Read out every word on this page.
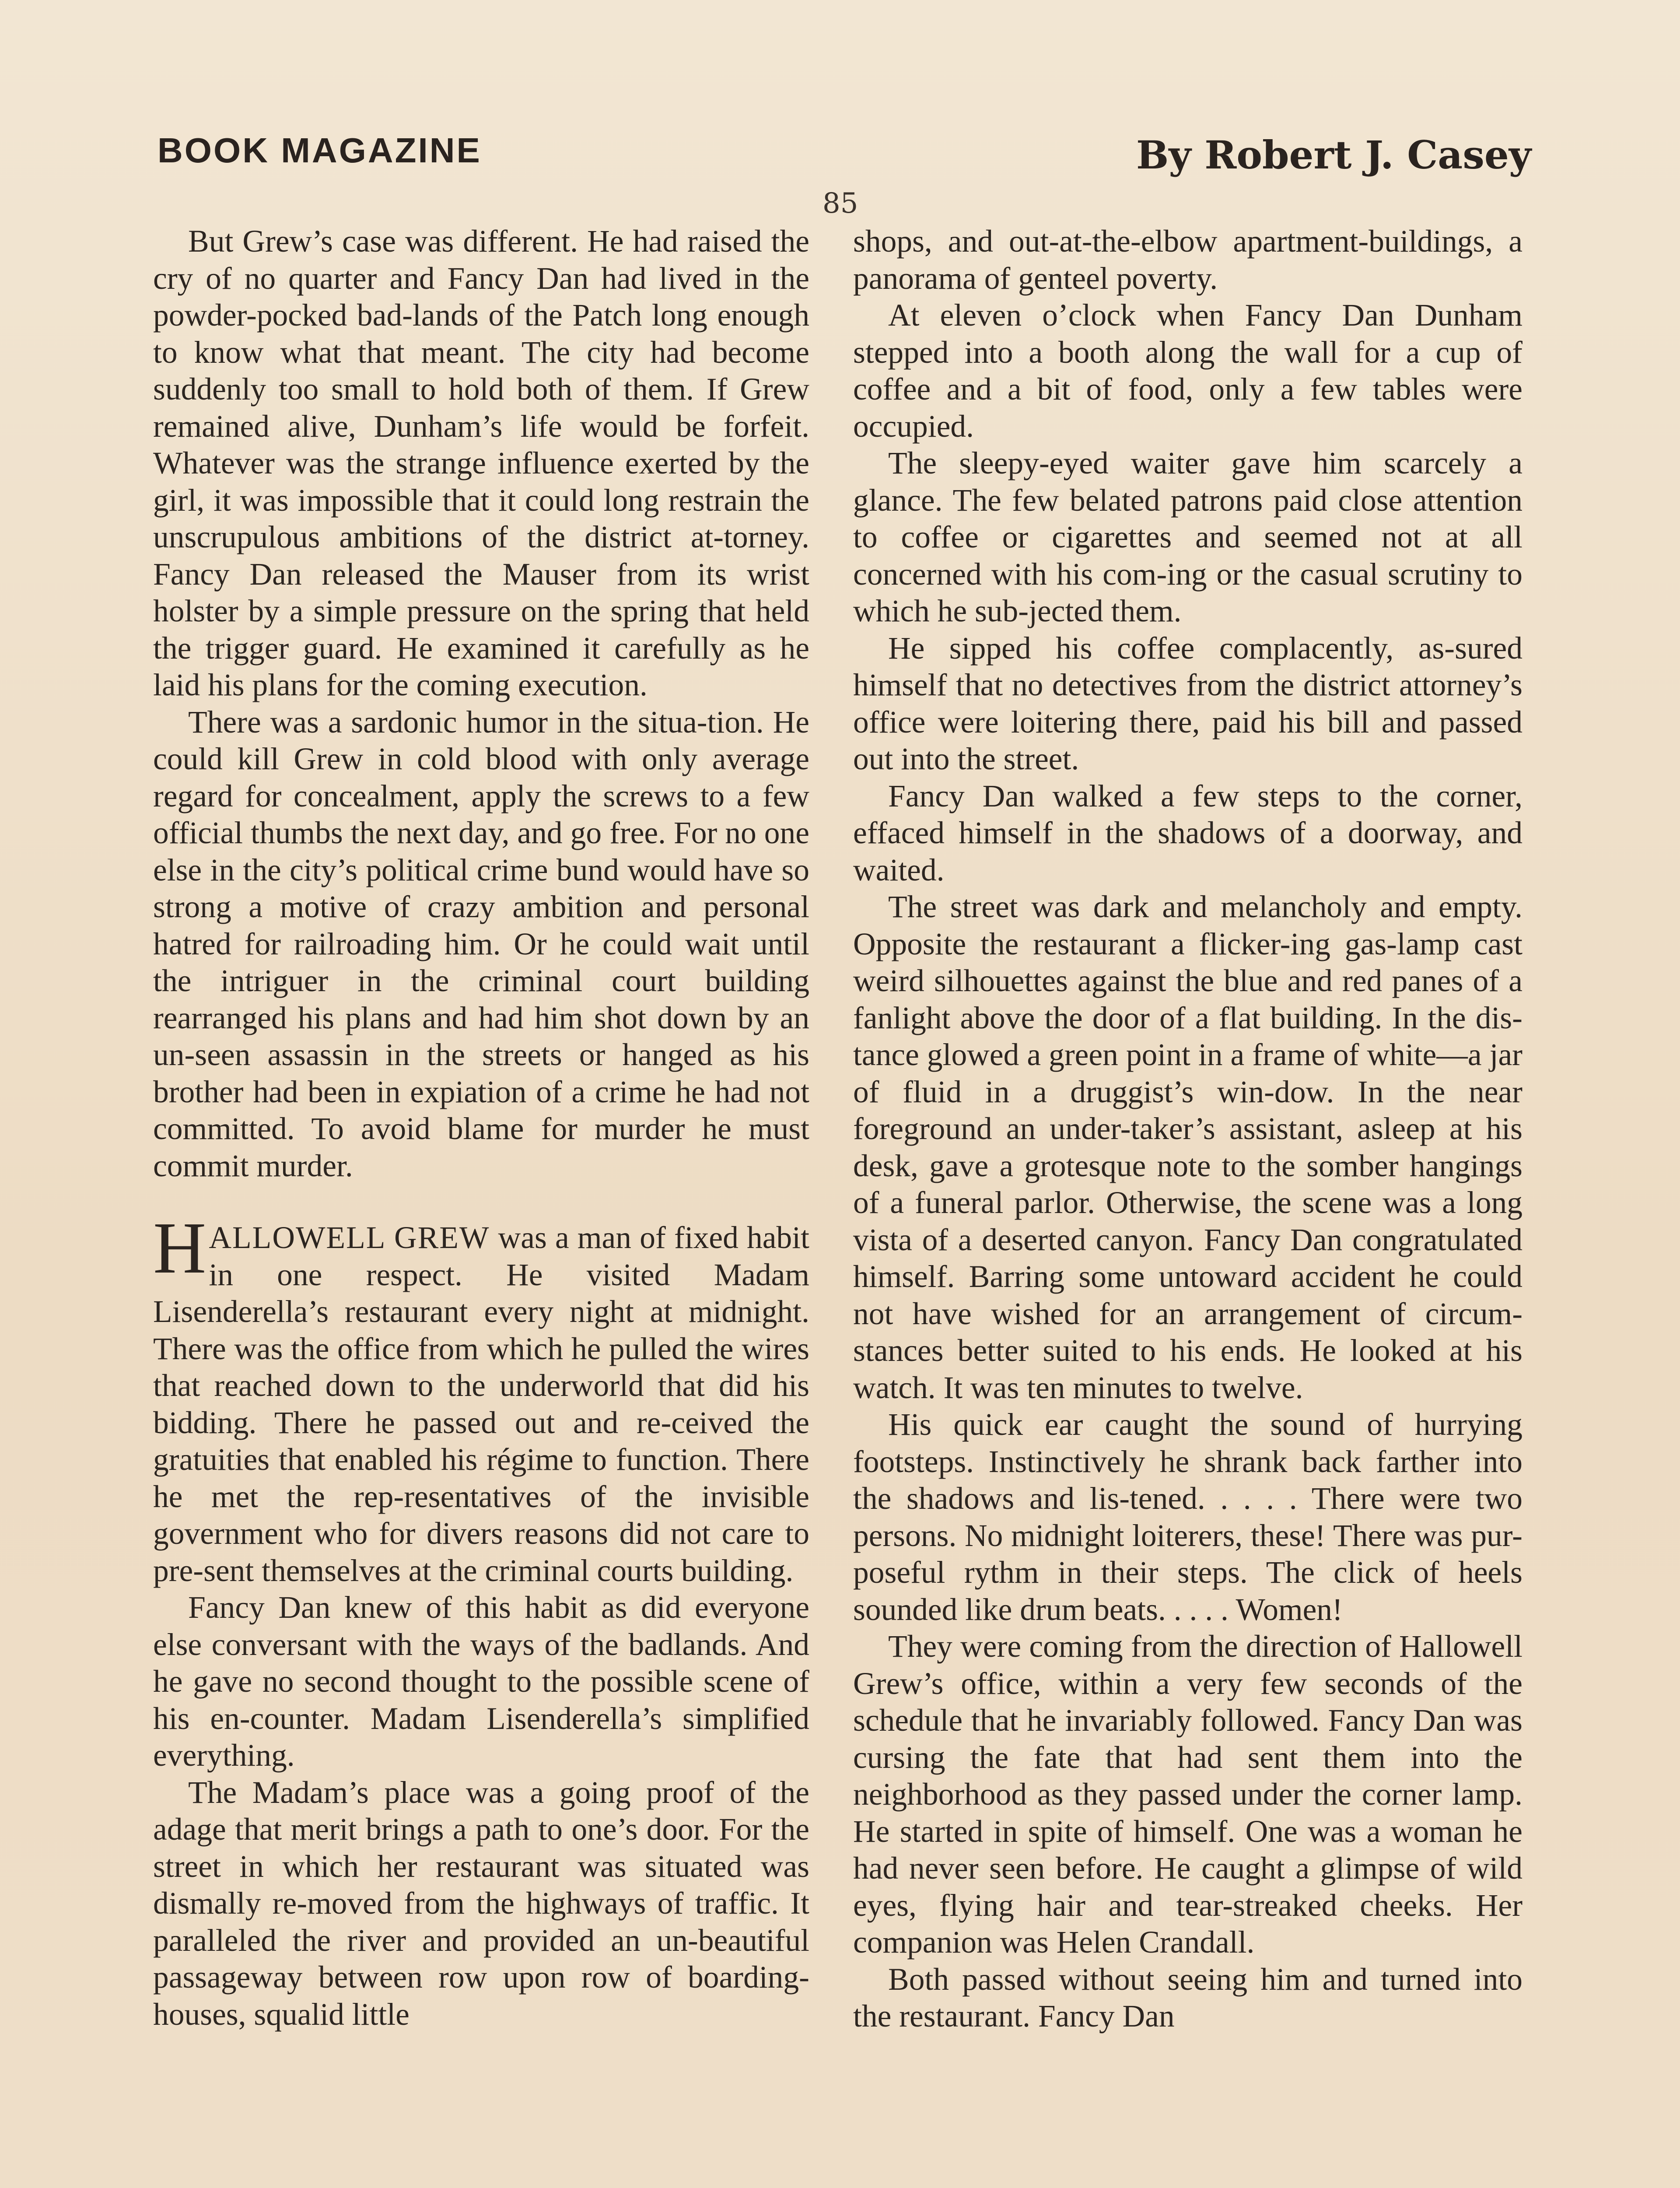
BOOK MAGAZINE	By Robert J. Casey
85

But Grew’s case was different. He had raised the cry of no quarter and Fancy Dan had lived in the powder-pocked bad-lands of the Patch long enough to know what that meant. The city had become suddenly too small to hold both of them. If Grew remained alive, Dunham’s life would be forfeit. Whatever was the strange influence exerted by the girl, it was impossible that it could long restrain the unscrupulous ambitions of the district at-torney. Fancy Dan released the Mauser from its wrist holster by a simple pressure on the spring that held the trigger guard. He examined it carefully as he laid his plans for the coming execution.

There was a sardonic humor in the situa-tion. He could kill Grew in cold blood with only average regard for concealment, apply the screws to a few official thumbs the next day, and go free. For no one else in the city’s political crime bund would have so strong a motive of crazy ambition and personal hatred for railroading him. Or he could wait until the intriguer in the criminal court building rearranged his plans and had him shot down by an un-seen assassin in the streets or hanged as his brother had been in expiation of a crime he had not committed. To avoid blame for murder he must commit murder.

HALLOWELL GREW was a man of fixed habit in one respect. He visited Madam Lisenderella’s restaurant every night at midnight. There was the office from which he pulled the wires that reached down to the underworld that did his bidding. There he passed out and re-ceived the gratuities that enabled his régime to function. There he met the rep-resentatives of the invisible government who for divers reasons did not care to pre-sent themselves at the criminal courts building.

Fancy Dan knew of this habit as did everyone else conversant with the ways of the badlands. And he gave no second thought to the possible scene of his en-counter. Madam Lisenderella’s simplified everything.

The Madam’s place was a going proof of the adage that merit brings a path to one’s door. For the street in which her restaurant was situated was dismally re-moved from the highways of traffic. It paralleled the river and provided an un-beautiful passageway between row upon row of boarding-houses, squalid little

shops, and out-at-the-elbow apartment-buildings, a panorama of genteel poverty.

At eleven o’clock when Fancy Dan Dunham stepped into a booth along the wall for a cup of coffee and a bit of food, only a few tables were occupied.

The sleepy-eyed waiter gave him scarcely a glance. The few belated patrons paid close attention to coffee or cigarettes and seemed not at all concerned with his com-ing or the casual scrutiny to which he sub-jected them.

He sipped his coffee complacently, as-sured himself that no detectives from the district attorney’s office were loitering there, paid his bill and passed out into the street.

Fancy Dan walked a few steps to the corner, effaced himself in the shadows of a doorway, and waited.

The street was dark and melancholy and empty. Opposite the restaurant a flicker-ing gas-lamp cast weird silhouettes against the blue and red panes of a fanlight above the door of a flat building. In the dis-tance glowed a green point in a frame of white—a jar of fluid in a druggist’s win-dow. In the near foreground an under-taker’s assistant, asleep at his desk, gave a grotesque note to the somber hangings of a funeral parlor. Otherwise, the scene was a long vista of a deserted canyon. Fancy Dan congratulated himself. Barring some untoward accident he could not have wished for an arrangement of circum-stances better suited to his ends. He looked at his watch. It was ten minutes to twelve.

His quick ear caught the sound of hurrying footsteps. Instinctively he shrank back farther into the shadows and lis-tened. . . . . There were two persons. No midnight loiterers, these! There was pur-poseful rythm in their steps. The click of heels sounded like drum beats. . . . . Women!

They were coming from the direction of Hallowell Grew’s office, within a very few seconds of the schedule that he invariably followed. Fancy Dan was cursing the fate that had sent them into the neighborhood as they passed under the corner lamp. He started in spite of himself. One was a woman he had never seen before. He caught a glimpse of wild eyes, flying hair and tear-streaked cheeks. Her companion was Helen Crandall.

Both passed without seeing him and turned into the restaurant. Fancy Dan
